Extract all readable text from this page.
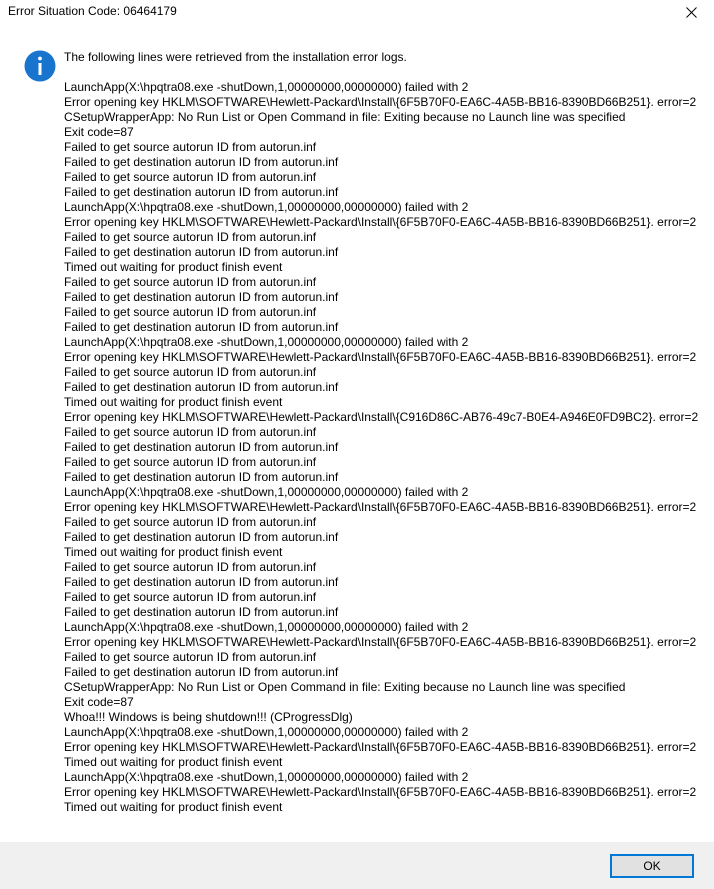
Error Situation Code: 06464179
The following lines were retrieved from the installation error logs.
LaunchApp(X:\hpqtra08.exe -shutDown,1,00000000,00000000) failed with 2
Error opening key HKLM\SOFTWARE\Hewlett-Packard\Install\{6F5B70F0-EA6C-4A5B-BB16-8390BD66B251}. error=2
CSetupWrapperApp: No Run List or Open Command in file: Exiting because no Launch line was specified
Exit code=87
Failed to get source autorun ID from autorun.inf
Failed to get destination autorun ID from autorun.inf
Failed to get source autorun ID from autorun.inf
Failed to get destination autorun ID from autorun.inf
LaunchApp(X:\hpqtra08.exe -shutDown,1,00000000,00000000) failed with 2
Error opening key HKLM\SOFTWARE\Hewlett-Packard\Install\{6F5B70F0-EA6C-4A5B-BB16-8390BD66B251}. error=2
Failed to get source autorun ID from autorun.inf
Failed to get destination autorun ID from autorun.inf
Timed out waiting for product finish event
Failed to get source autorun ID from autorun.inf
Failed to get destination autorun ID from autorun.inf
Failed to get source autorun ID from autorun.inf
Failed to get destination autorun ID from autorun.inf
LaunchApp(X:\hpqtra08.exe -shutDown,1,00000000,00000000) failed with 2
Error opening key HKLM\SOFTWARE\Hewlett-Packard\Install\{6F5B70F0-EA6C-4A5B-BB16-8390BD66B251}. error=2
Failed to get source autorun ID from autorun.inf
Failed to get destination autorun ID from autorun.inf
Timed out waiting for product finish event
Error opening key HKLM\SOFTWARE\Hewlett-Packard\Install\{C916D86C-AB76-49c7-B0E4-A946E0FD9BC2}. error=2
Failed to get source autorun ID from autorun.inf
Failed to get destination autorun ID from autorun.inf
Failed to get source autorun ID from autorun.inf
Failed to get destination autorun ID from autorun.inf
LaunchApp(X:\hpqtra08.exe -shutDown,1,00000000,00000000) failed with 2
Error opening key HKLM\SOFTWARE\Hewlett-Packard\Install\{6F5B70F0-EA6C-4A5B-BB16-8390BD66B251}. error=2
Failed to get source autorun ID from autorun.inf
Failed to get destination autorun ID from autorun.inf
Timed out waiting for product finish event
Failed to get source autorun ID from autorun.inf
Failed to get destination autorun ID from autorun.inf
Failed to get source autorun ID from autorun.inf
Failed to get destination autorun ID from autorun.inf
LaunchApp(X:\hpqtra08.exe -shutDown,1,00000000,00000000) failed with 2
Error opening key HKLM\SOFTWARE\Hewlett-Packard\Install\{6F5B70F0-EA6C-4A5B-BB16-8390BD66B251}. error=2
Failed to get source autorun ID from autorun.inf
Failed to get destination autorun ID from autorun.inf
CSetupWrapperApp: No Run List or Open Command in file: Exiting because no Launch line was specified
Exit code=87
Whoa!!! Windows is being shutdown!!! (CProgressDlg)
LaunchApp(X:\hpqtra08.exe -shutDown,1,00000000,00000000) failed with 2
Error opening key HKLM\SOFTWARE\Hewlett-Packard\Install\{6F5B70F0-EA6C-4A5B-BB16-8390BD66B251}. error=2
Timed out waiting for product finish event
LaunchApp(X:\hpqtra08.exe -shutDown,1,00000000,00000000) failed with 2
Error opening key HKLM\SOFTWARE\Hewlett-Packard\Install\{6F5B70F0-EA6C-4A5B-BB16-8390BD66B251}. error=2
Timed out waiting for product finish event
OK
